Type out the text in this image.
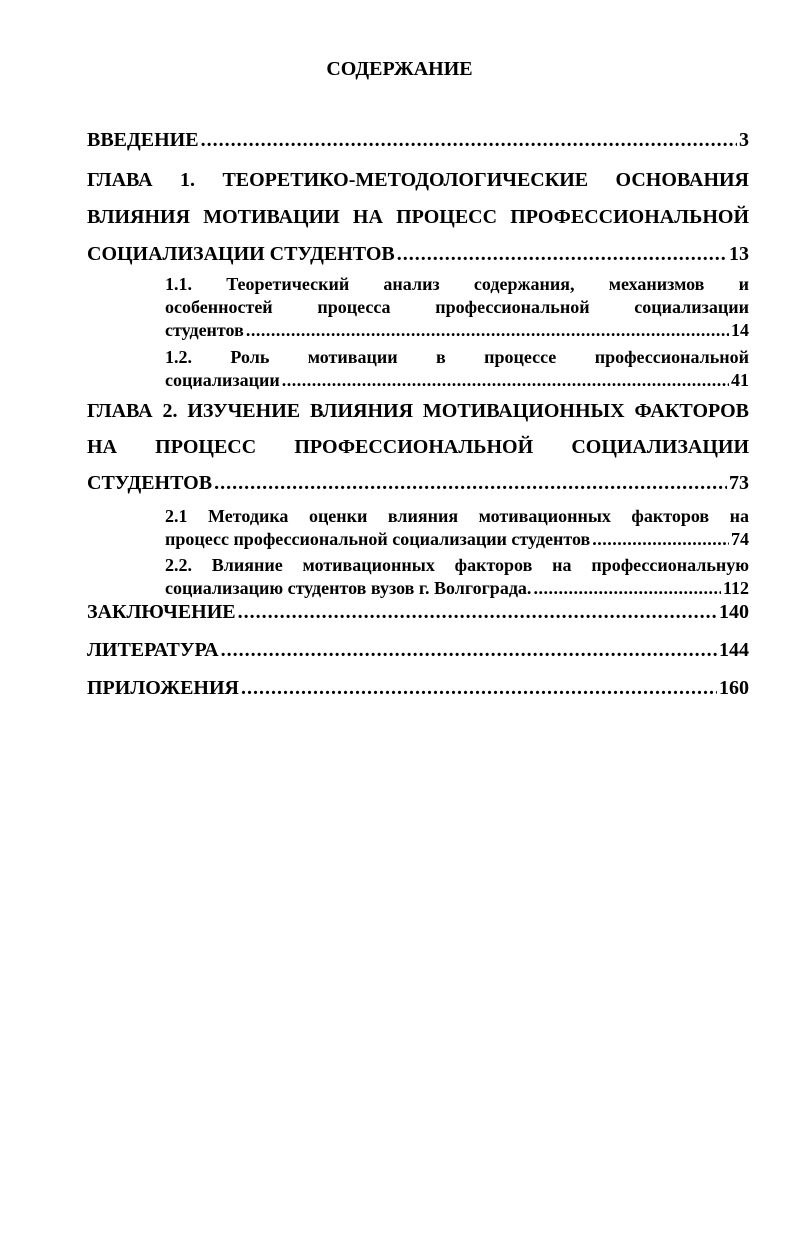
СОДЕРЖАНИЕ
ВВЕДЕНИЕ . . .	3
ГЛАВА 1. ТЕОРЕТИКО-МЕТОДОЛОГИЧЕСКИЕ ОСНОВАНИЯ
ВЛИЯНИЯ МОТИВАЦИИ НА ПРОЦЕСС ПРОФЕССИОНАЛЬНОЙ
СОЦИАЛИЗАЦИИ СТУДЕНТОВ . . .	13
1.1. Теоретический анализ содержания, механизмов и
особенностей процесса профессиональной социализации
студентов . . .	14
1.2. Роль мотивации в процессе профессиональной
социализации . . .	41
ГЛАВА 2. ИЗУЧЕНИЕ ВЛИЯНИЯ МОТИВАЦИОННЫХ ФАКТОРОВ
НА ПРОЦЕСС ПРОФЕССИОНАЛЬНОЙ СОЦИАЛИЗАЦИИ
СТУДЕНТОВ . . .	73
2.1 Методика оценки влияния мотивационных факторов на
процесс профессиональной социализации студентов . . .	74
2.2. Влияние мотивационных факторов на профессиональную
социализацию студентов вузов г. Волгограда. . . .	112
ЗАКЛЮЧЕНИЕ . . .	140
ЛИТЕРАТУРА . . .	144
ПРИЛОЖЕНИЯ . . .	160
